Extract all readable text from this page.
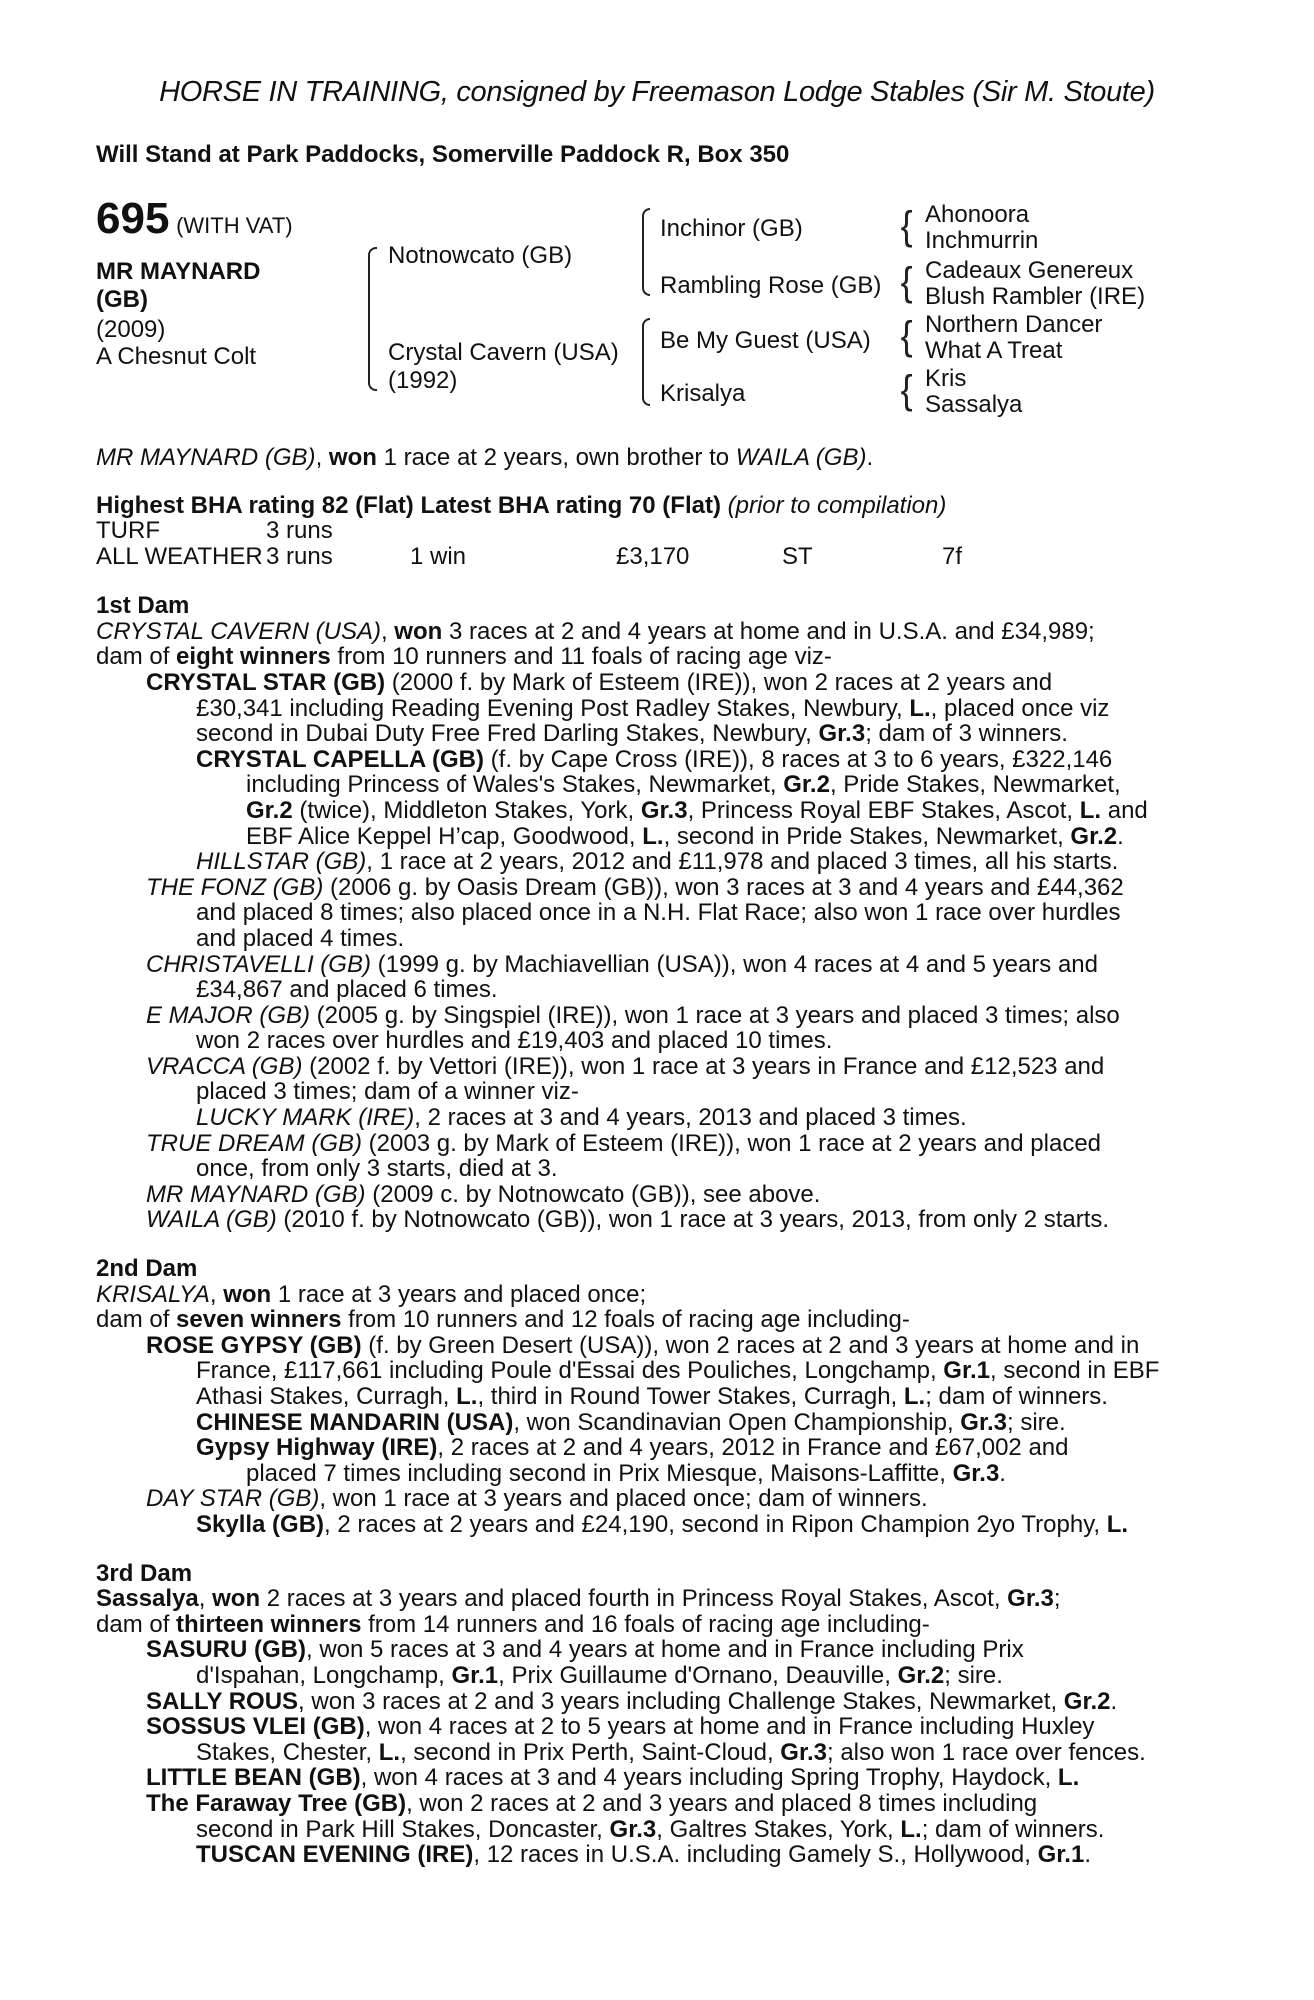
HORSE IN TRAINING, consigned by Freemason Lodge Stables (Sir M. Stoute)
Will Stand at Park Paddocks, Somerville Paddock R, Box 350
695 (WITH VAT)
MR MAYNARD
(GB)
(2009)
A Chesnut Colt
Notnowcato (GB)
Crystal Cavern (USA)
(1992)
Inchinor (GB)
Rambling Rose (GB)
Be My Guest (USA)
Krisalya
{ Ahonoora
Inchmurrin
{ Cadeaux Genereux
Blush Rambler (IRE)
{ Northern Dancer
What A Treat
{ Kris
Sassalya
MR MAYNARD (GB), won 1 race at 2 years, own brother to WAILA (GB).
Highest BHA rating 82 (Flat) Latest BHA rating 70 (Flat) (prior to compilation)
TURF	3 runs
ALL WEATHER 3 runs	1 win	£3,170	ST	7f
1st Dam
CRYSTAL CAVERN (USA), won 3 races at 2 and 4 years at home and in U.S.A. and £34,989;
dam of eight winners from 10 runners and 11 foals of racing age viz-
CRYSTAL STAR (GB) (2000 f. by Mark of Esteem (IRE)), won 2 races at 2 years and
£30,341 including Reading Evening Post Radley Stakes, Newbury, L., placed once viz
second in Dubai Duty Free Fred Darling Stakes, Newbury, Gr.3; dam of 3 winners.
CRYSTAL CAPELLA (GB) (f. by Cape Cross (IRE)), 8 races at 3 to 6 years, £322,146
including Princess of Wales's Stakes, Newmarket, Gr.2, Pride Stakes, Newmarket,
Gr.2 (twice), Middleton Stakes, York, Gr.3, Princess Royal EBF Stakes, Ascot, L. and
EBF Alice Keppel H’cap, Goodwood, L., second in Pride Stakes, Newmarket, Gr.2.
HILLSTAR (GB), 1 race at 2 years, 2012 and £11,978 and placed 3 times, all his starts.
THE FONZ (GB) (2006 g. by Oasis Dream (GB)), won 3 races at 3 and 4 years and £44,362
and placed 8 times; also placed once in a N.H. Flat Race; also won 1 race over hurdles
and placed 4 times.
CHRISTAVELLI (GB) (1999 g. by Machiavellian (USA)), won 4 races at 4 and 5 years and
£34,867 and placed 6 times.
E MAJOR (GB) (2005 g. by Singspiel (IRE)), won 1 race at 3 years and placed 3 times; also
won 2 races over hurdles and £19,403 and placed 10 times.
VRACCA (GB) (2002 f. by Vettori (IRE)), won 1 race at 3 years in France and £12,523 and
placed 3 times; dam of a winner viz-
LUCKY MARK (IRE), 2 races at 3 and 4 years, 2013 and placed 3 times.
TRUE DREAM (GB) (2003 g. by Mark of Esteem (IRE)), won 1 race at 2 years and placed
once, from only 3 starts, died at 3.
MR MAYNARD (GB) (2009 c. by Notnowcato (GB)), see above.
WAILA (GB) (2010 f. by Notnowcato (GB)), won 1 race at 3 years, 2013, from only 2 starts.
2nd Dam
KRISALYA, won 1 race at 3 years and placed once;
dam of seven winners from 10 runners and 12 foals of racing age including-
ROSE GYPSY (GB) (f. by Green Desert (USA)), won 2 races at 2 and 3 years at home and in
France, £117,661 including Poule d'Essai des Pouliches, Longchamp, Gr.1, second in EBF
Athasi Stakes, Curragh, L., third in Round Tower Stakes, Curragh, L.; dam of winners.
CHINESE MANDARIN (USA), won Scandinavian Open Championship, Gr.3; sire.
Gypsy Highway (IRE), 2 races at 2 and 4 years, 2012 in France and £67,002 and
placed 7 times including second in Prix Miesque, Maisons-Laffitte, Gr.3.
DAY STAR (GB), won 1 race at 3 years and placed once; dam of winners.
Skylla (GB), 2 races at 2 years and £24,190, second in Ripon Champion 2yo Trophy, L.
3rd Dam
Sassalya, won 2 races at 3 years and placed fourth in Princess Royal Stakes, Ascot, Gr.3;
dam of thirteen winners from 14 runners and 16 foals of racing age including-
SASURU (GB), won 5 races at 3 and 4 years at home and in France including Prix
d'Ispahan, Longchamp, Gr.1, Prix Guillaume d'Ornano, Deauville, Gr.2; sire.
SALLY ROUS, won 3 races at 2 and 3 years including Challenge Stakes, Newmarket, Gr.2.
SOSSUS VLEI (GB), won 4 races at 2 to 5 years at home and in France including Huxley
Stakes, Chester, L., second in Prix Perth, Saint-Cloud, Gr.3; also won 1 race over fences.
LITTLE BEAN (GB), won 4 races at 3 and 4 years including Spring Trophy, Haydock, L.
The Faraway Tree (GB), won 2 races at 2 and 3 years and placed 8 times including
second in Park Hill Stakes, Doncaster, Gr.3, Galtres Stakes, York, L.; dam of winners.
TUSCAN EVENING (IRE), 12 races in U.S.A. including Gamely S., Hollywood, Gr.1.
